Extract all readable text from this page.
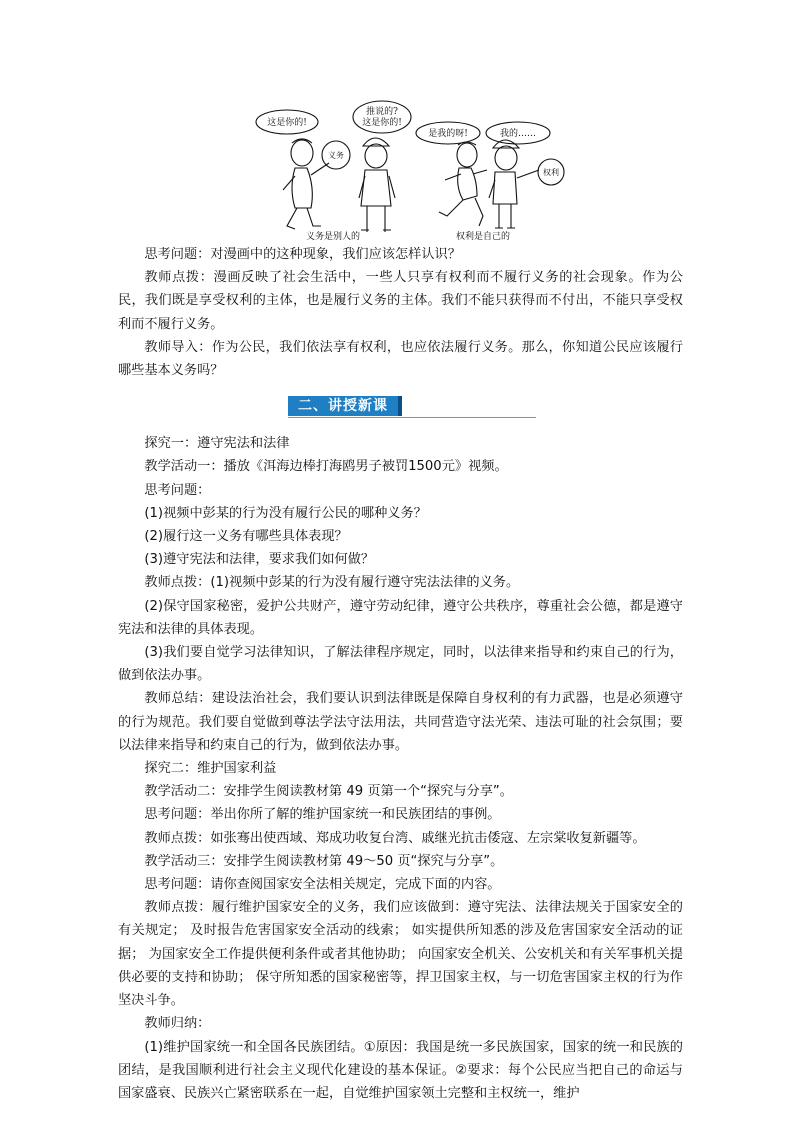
这是你的!
推说的?
这是你的!
是我的呀!	我的……
义务
权利
义务是别人的	权利是自己的

思考问题：对漫画中的这种现象，我们应该怎样认识？

教师点拨：漫画反映了社会生活中，一些人只享有权利而不履行义务的社会现象。作为公民，我们既是享受权利的主体，也是履行义务的主体。我们不能只获得而不付出，不能只享受权利而不履行义务。

教师导入：作为公民，我们依法享有权利，也应依法履行义务。那么，你知道公民应该履行哪些基本义务吗？

二、讲授新课

探究一：遵守宪法和法律

教学活动一：播放《洱海边棒打海鸥男子被罚1500元》视频。

思考问题：

(1)视频中彭某的行为没有履行公民的哪种义务？

(2)履行这一义务有哪些具体表现？

(3)遵守宪法和法律，要求我们如何做？

教师点拨：(1)视频中彭某的行为没有履行遵守宪法法律的义务。

(2)保守国家秘密，爱护公共财产，遵守劳动纪律，遵守公共秩序，尊重社会公德，都是遵守宪法和法律的具体表现。

(3)我们要自觉学习法律知识，了解法律程序规定，同时，以法律来指导和约束自己的行为，做到依法办事。

教师总结：建设法治社会，我们要认识到法律既是保障自身权利的有力武器，也是必须遵守的行为规范。我们要自觉做到尊法学法守法用法，共同营造守法光荣、违法可耻的社会氛围；要以法律来指导和约束自己的行为，做到依法办事。

探究二：维护国家利益

教学活动二：安排学生阅读教材第 49 页第一个“探究与分享”。

思考问题：举出你所了解的维护国家统一和民族团结的事例。

教师点拨：如张骞出使西域、郑成功收复台湾、戚继光抗击倭寇、左宗棠收复新疆等。

教学活动三：安排学生阅读教材第 49～50 页“探究与分享”。

思考问题：请你查阅国家安全法相关规定，完成下面的内容。

教师点拨：履行维护国家安全的义务，我们应该做到：遵守宪法、法律法规关于国家安全的有关规定； 及时报告危害国家安全活动的线索； 如实提供所知悉的涉及危害国家安全活动的证据； 为国家安全工作提供便利条件或者其他协助； 向国家安全机关、公安机关和有关军事机关提供必要的支持和协助； 保守所知悉的国家秘密等，捍卫国家主权，与一切危害国家主权的行为作坚决斗争。

教师归纳：

(1)维护国家统一和全国各民族团结。①原因：我国是统一多民族国家，国家的统一和民族的团结，是我国顺利进行社会主义现代化建设的基本保证。②要求：每个公民应当把自己的命运与国家盛衰、民族兴亡紧密联系在一起，自觉维护国家领土完整和主权统一，维护
